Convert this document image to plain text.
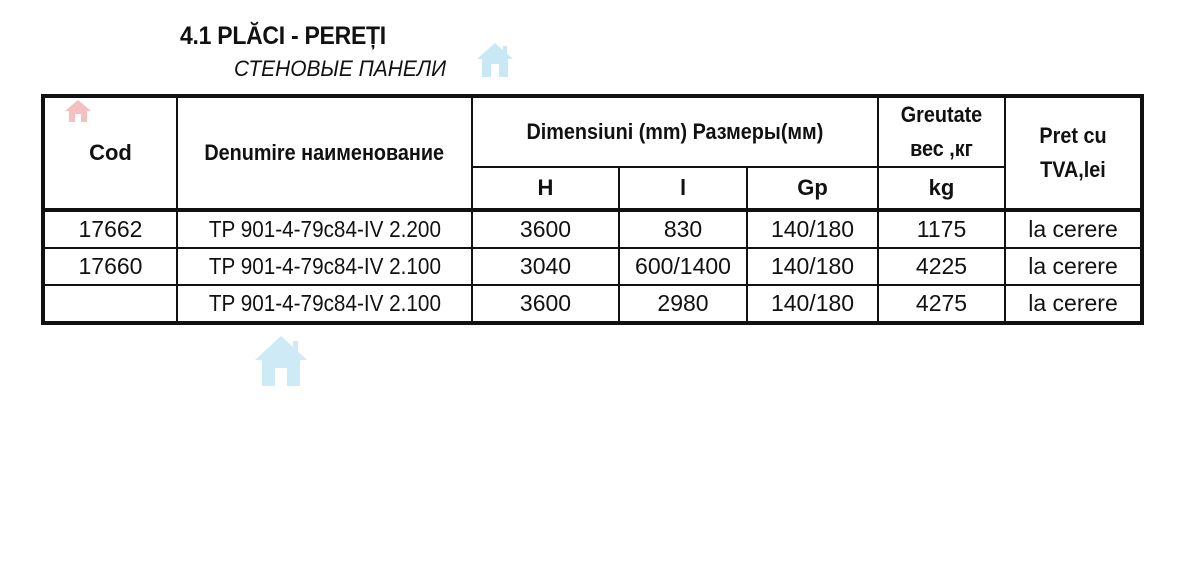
4.1 PLĂCI - PEREȚI
СТЕНОВЫЕ ПАНЕЛИ
Cod	Denumire наименование	Dimensiuni (mm) Размеры(мм)			Greutate вес ,кг	Pret cu TVA,lei
		H	l	Gp	kg	
17662	TP 901-4-79c84-IV 2.200	3600	830	140/180	1175	la cerere
17660	TP 901-4-79c84-IV 2.100	3040	600/1400	140/180	4225	la cerere
	TP 901-4-79c84-IV 2.100	3600	2980	140/180	4275	la cerere
